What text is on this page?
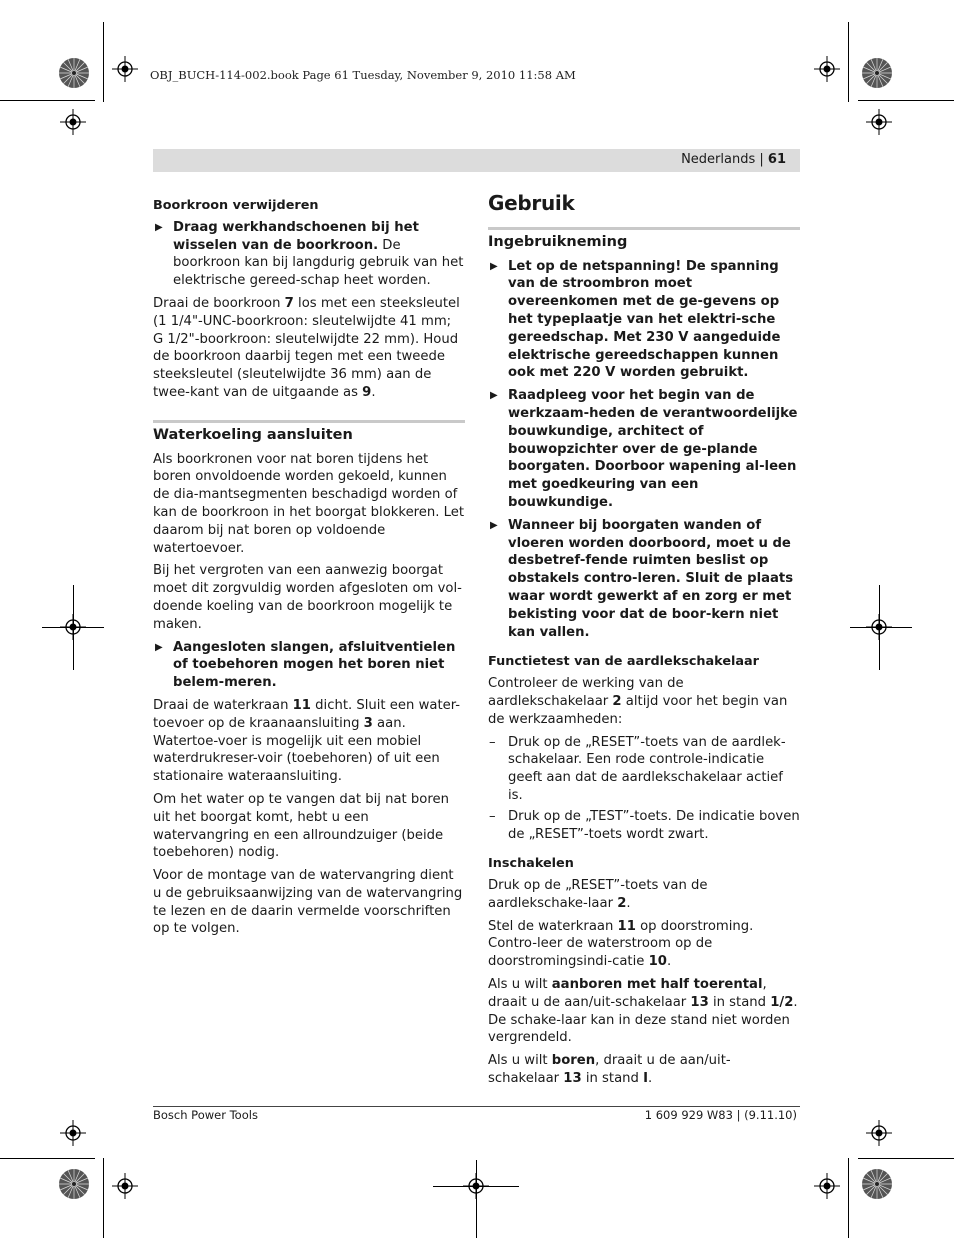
OBJ_BUCH-114-002.book Page 61 Tuesday, November 9, 2010 11:58 AM
Nederlands | 61
Boorkroon verwijderen
▶ Draag werkhandschoenen bij het wisselen van de boorkroon. De boorkroon kan bij langdurig gebruik van het elektrische gereed-schap heet worden.

Draai de boorkroon 7 los met een steeksleutel (1 1/4"-UNC-boorkroon: sleutelwijdte 41 mm; G 1/2"-boorkroon: sleutelwijdte 22 mm). Houd de boorkroon daarbij tegen met een tweede steeksleutel (sleutelwijdte 36 mm) aan de twee-kant van de uitgaande as 9.

Waterkoeling aansluiten

Als boorkronen voor nat boren tijdens het boren onvoldoende worden gekoeld, kunnen de dia-mantsegmenten beschadigd worden of kan de boorkroon in het boorgat blokkeren. Let daarom bij nat boren op voldoende watertoevoer.

Bij het vergroten van een aanwezig boorgat moet dit zorgvuldig worden afgesloten om vol-doende koeling van de boorkroon mogelijk te maken.

▶ Aangesloten slangen, afsluitventielen of toebehoren mogen het boren niet belem-meren.

Draai de waterkraan 11 dicht. Sluit een water-toevoer op de kraanaansluiting 3 aan. Watertoe-voer is mogelijk uit een mobiel waterdrukreser-voir (toebehoren) of uit een stationaire wateraansluiting.

Om het water op te vangen dat bij nat boren uit het boorgat komt, hebt u een watervangring en een allroundzuiger (beide toebehoren) nodig.

Voor de montage van de watervangring dient u de gebruiksaanwijzing van de watervangring te lezen en de daarin vermelde voorschriften op te volgen.

Gebruik
Ingebruikneming
▶ Let op de netspanning! De spanning van de stroombron moet overeenkomen met de ge-gevens op het typeplaatje van het elektri-sche gereedschap. Met 230 V aangeduide elektrische gereedschappen kunnen ook met 220 V worden gebruikt.
▶ Raadpleeg voor het begin van de werkzaam-heden de verantwoordelijke bouwkundige, architect of bouwopzichter over de ge-plande boorgaten. Doorboor wapening al-leen met goedkeuring van een bouwkundige.
▶ Wanneer bij boorgaten wanden of vloeren worden doorboord, moet u de desbetref-fende ruimten beslist op obstakels contro-leren. Sluit de plaats waar wordt gewerkt af en zorg er met bekisting voor dat de boor-kern niet kan vallen.
Functietest van de aardlekschakelaar

Controleer de werking van de aardlekschakelaar 2 altijd voor het begin van de werkzaamheden:

– Druk op de „RESET”-toets van de aardlek-schakelaar. Een rode controle-indicatie geeft aan dat de aardlekschakelaar actief is.
– Druk op de „TEST”-toets. De indicatie boven de „RESET”-toets wordt zwart.
Inschakelen

Druk op de „RESET”-toets van de aardlekschake-laar 2.

Stel de waterkraan 11 op doorstroming. Contro-leer de waterstroom op de doorstromingsindi-catie 10.

Als u wilt aanboren met half toerental, draait u de aan/uit-schakelaar 13 in stand 1/2. De schake-laar kan in deze stand niet worden vergrendeld.

Als u wilt boren, draait u de aan/uit-schakelaar 13 in stand I.

Bosch Power Tools	1 609 929 W83 | (9.11.10)
